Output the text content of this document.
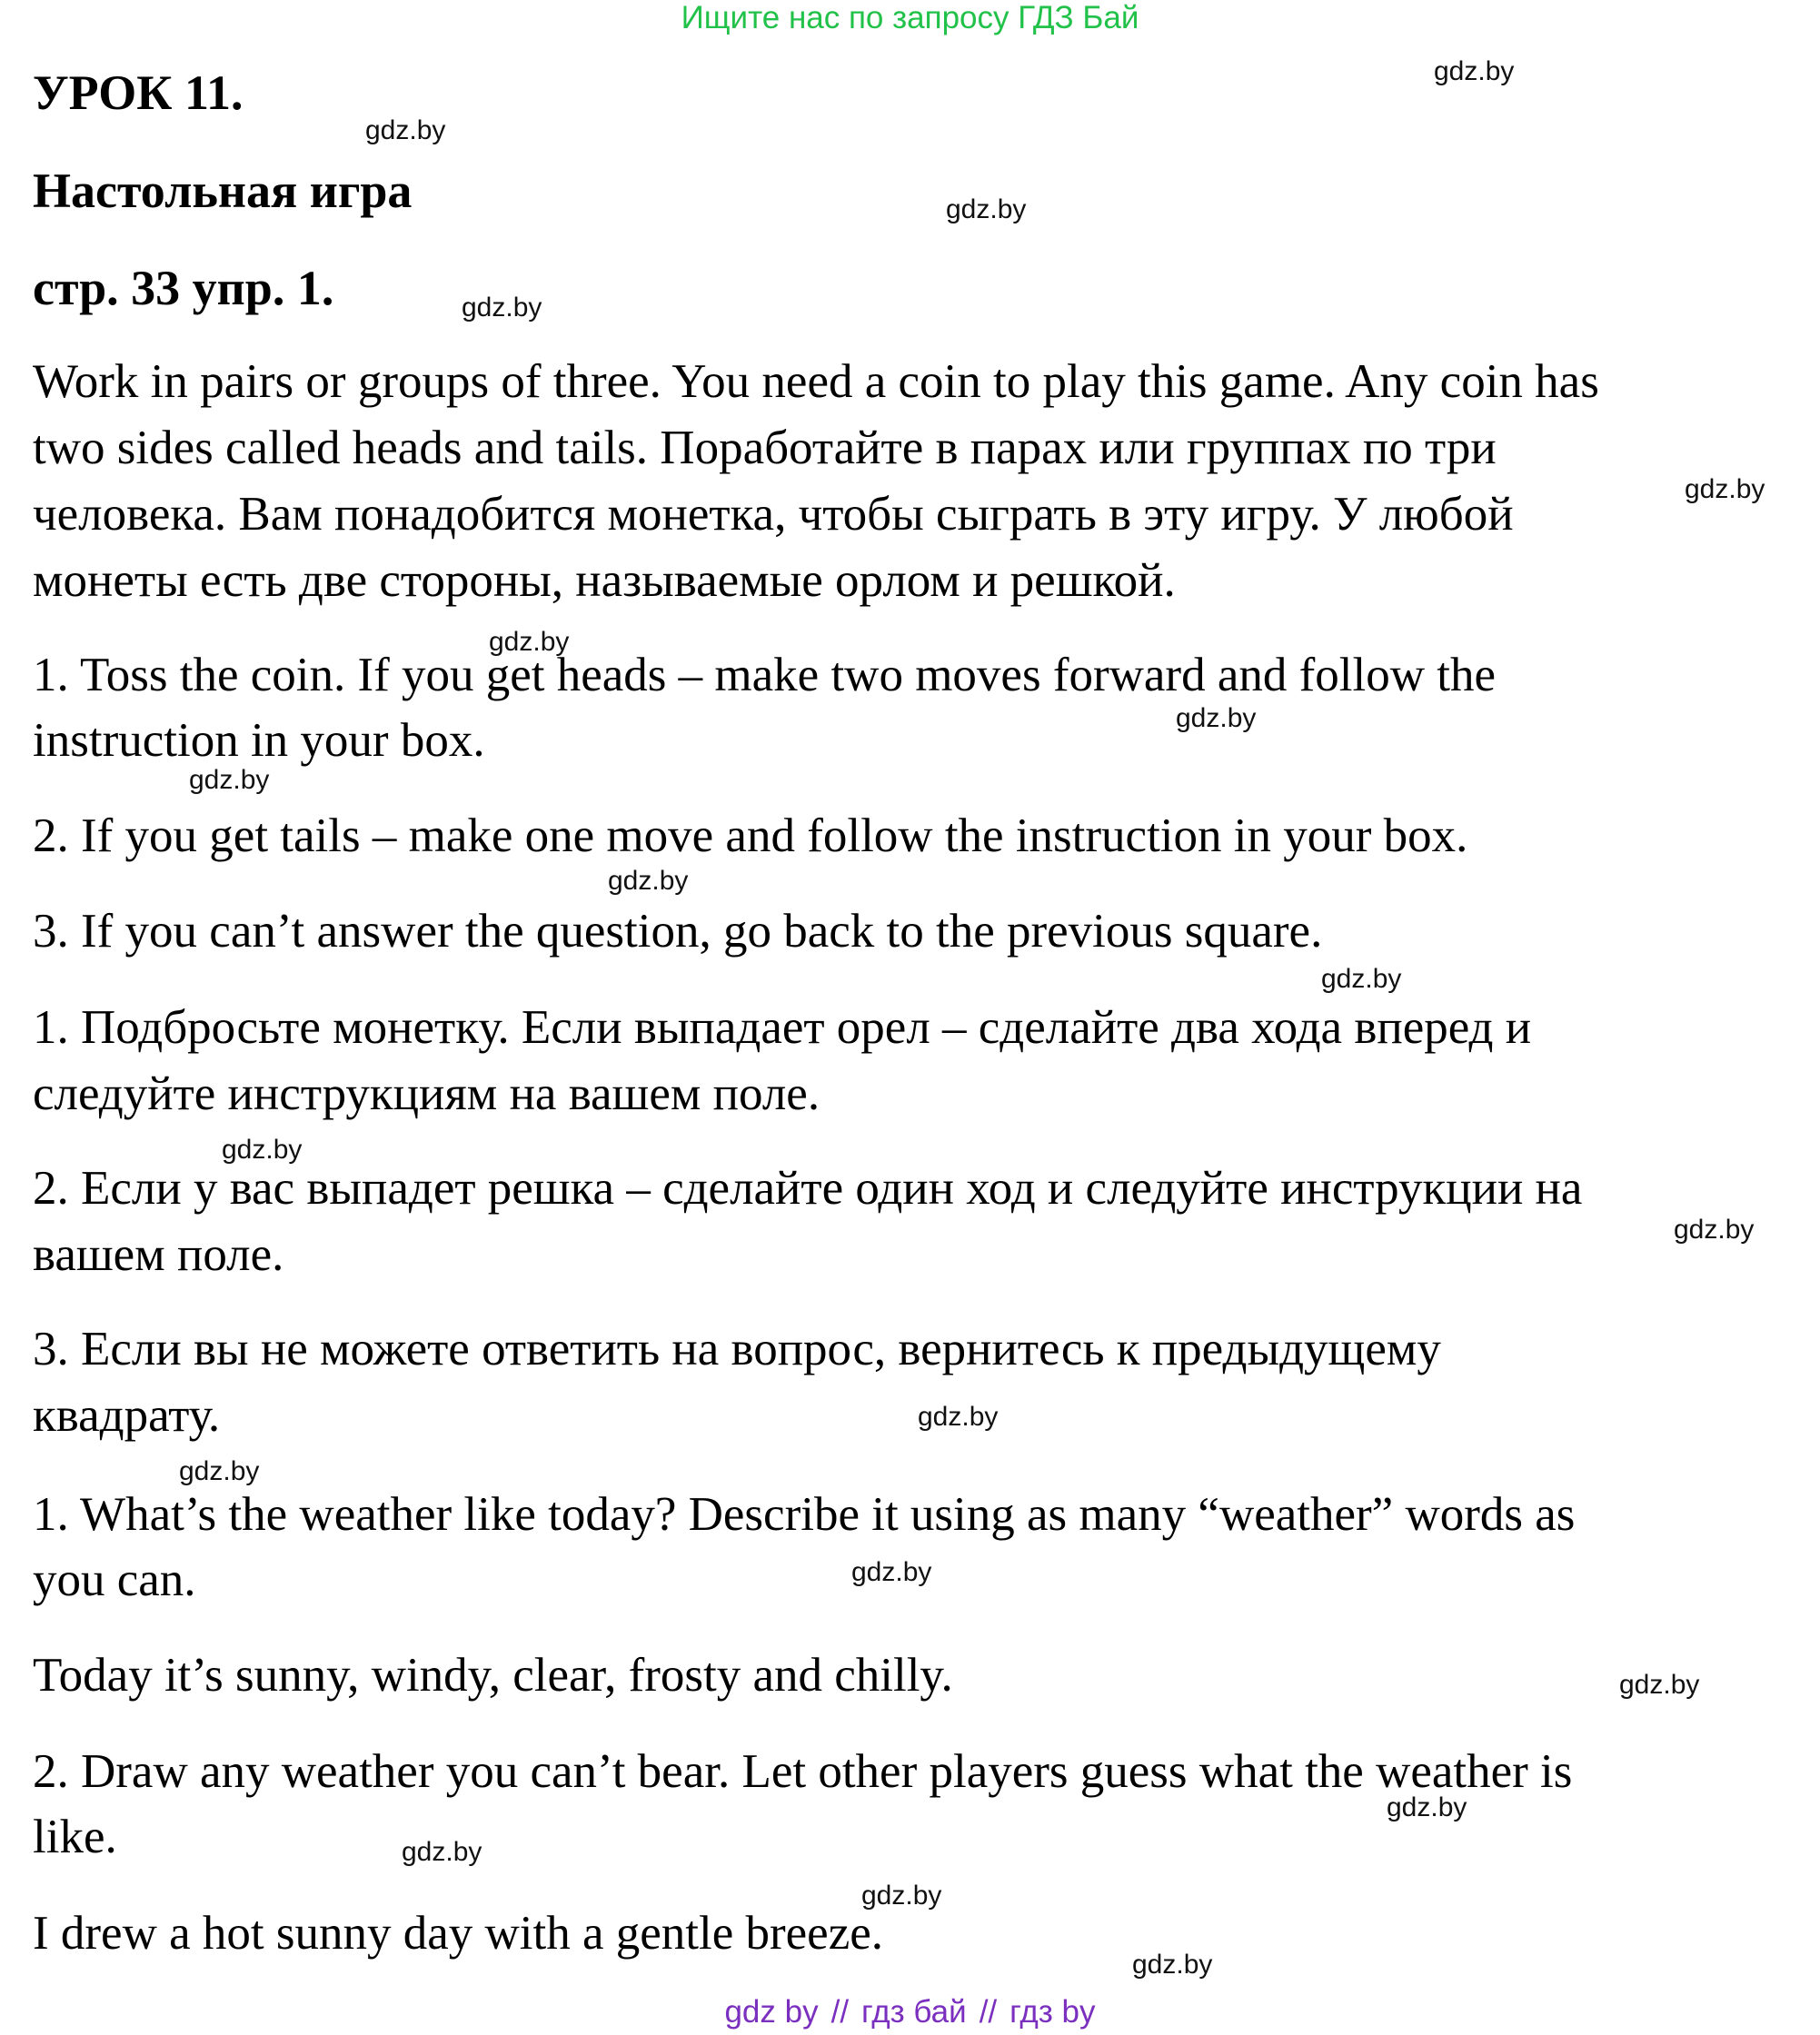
Ищите нас по запросу ГДЗ Бай
УРОК 11.
Настольная игра
стр. 33 упр. 1.

Work in pairs or groups of three. You need a coin to play this game. Any coin has

two sides called heads and tails. Поработайте в парах или группах по три

человека. Вам понадобится монетка, чтобы сыграть в эту игру. У любой

монеты есть две стороны, называемые орлом и решкой.

1. Toss the coin. If you get heads – make two moves forward and follow the

instruction in your box.

2. If you get tails – make one move and follow the instruction in your box.

3. If you can’t answer the question, go back to the previous square.

1. Подбросьте монетку. Если выпадает орел – сделайте два хода вперед и

следуйте инструкциям на вашем поле.

2. Если у вас выпадет решка – сделайте один ход и следуйте инструкции на

вашем поле.

3. Если вы не можете ответить на вопрос, вернитесь к предыдущему

квадрату.

1. What’s the weather like today? Describe it using as many “weather” words as

you can.

Today it’s sunny, windy, clear, frosty and chilly.

2. Draw any weather you can’t bear. Let other players guess what the weather is

like.

I drew a hot sunny day with a gentle breeze.

gdz.by
gdz.by
gdz.by
gdz.by
gdz.by
gdz.by
gdz.by
gdz.by
gdz.by
gdz.by
gdz.by
gdz.by
gdz.by
gdz.by
gdz.by
gdz.by
gdz.by
gdz.by
gdz.by
gdz.by
gdz by // гдз бай // гдз by
